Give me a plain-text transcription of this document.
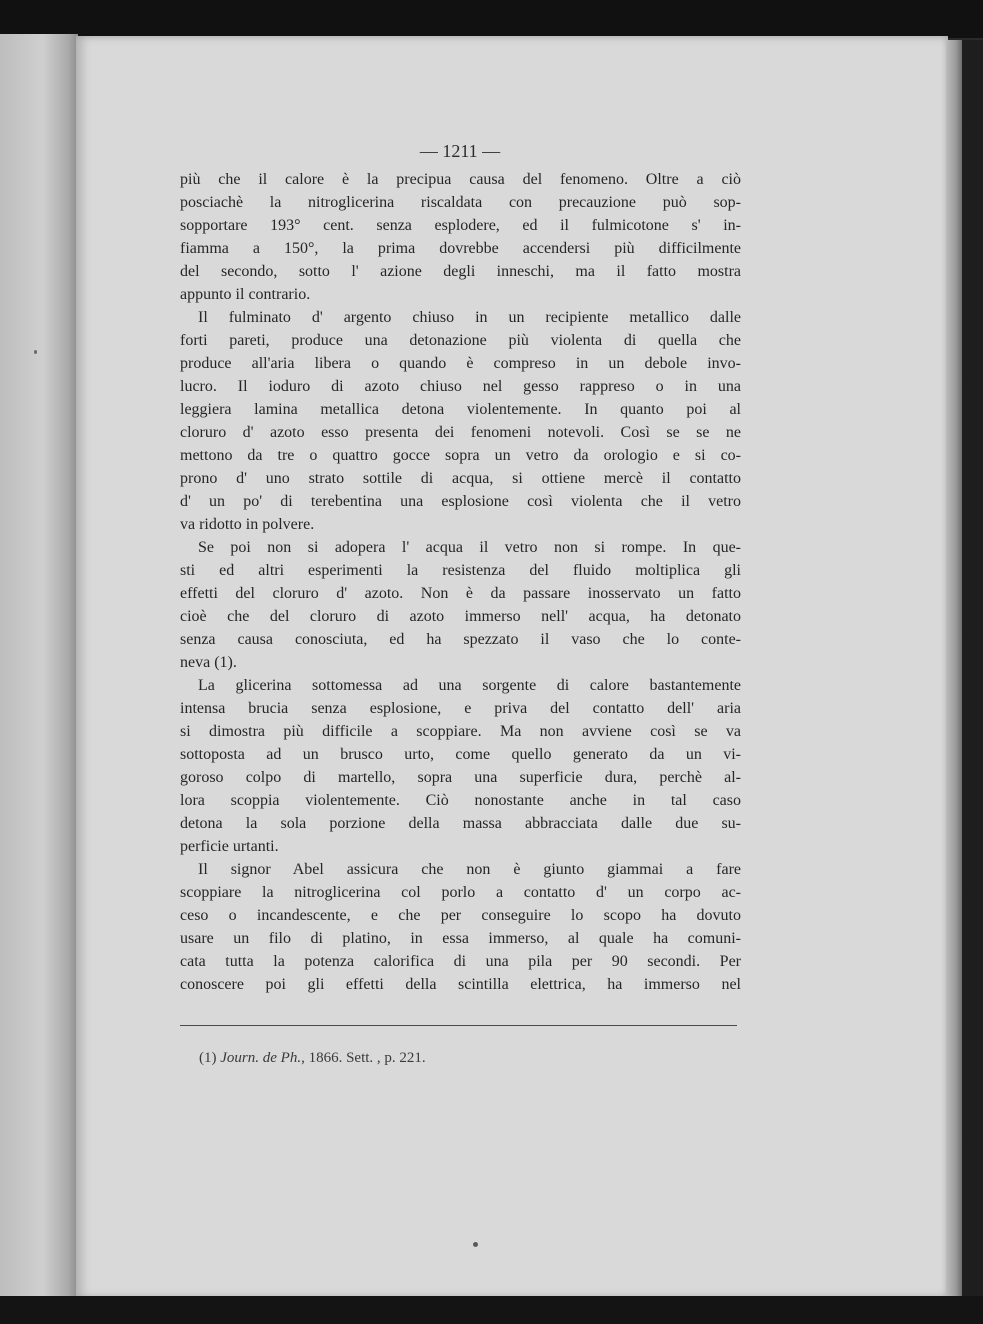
— 1211 —
più che il calore è la precipua causa del fenomeno. Oltre a ciò
posciachè la nitroglicerina riscaldata con precauzione può sop-
sopportare 193° cent. senza esplodere, ed il fulmicotone s' in-
fiamma a 150°, la prima dovrebbe accendersi più difficilmente
del secondo, sotto l' azione degli inneschi, ma il fatto mostra
appunto il contrario.
Il fulminato d' argento chiuso in un recipiente metallico dalle
forti pareti, produce una detonazione più violenta di quella che
produce all'aria libera o quando è compreso in un debole invo-
lucro. Il ioduro di azoto chiuso nel gesso rappreso o in una
leggiera lamina metallica detona violentemente. In quanto poi al
cloruro d' azoto esso presenta dei fenomeni notevoli. Così se se ne
mettono da tre o quattro gocce sopra un vetro da orologio e si co-
prono d' uno strato sottile di acqua, si ottiene mercè il contatto
d' un po' di terebentina una esplosione così violenta che il vetro
va ridotto in polvere.
Se poi non si adopera l' acqua il vetro non si rompe. In que-
sti ed altri esperimenti la resistenza del fluido moltiplica gli
effetti del cloruro d' azoto. Non è da passare inosservato un fatto
cioè che del cloruro di azoto immerso nell' acqua, ha detonato
senza causa conosciuta, ed ha spezzato il vaso che lo conte-
neva (1).
La glicerina sottomessa ad una sorgente di calore bastantemente
intensa brucia senza esplosione, e priva del contatto dell' aria
si dimostra più difficile a scoppiare. Ma non avviene così se va
sottoposta ad un brusco urto, come quello generato da un vi-
goroso colpo di martello, sopra una superficie dura, perchè al-
lora scoppia violentemente. Ciò nonostante anche in tal caso
detona la sola porzione della massa abbracciata dalle due su-
perficie urtanti.
Il signor Abel assicura che non è giunto giammai a fare
scoppiare la nitroglicerina col porlo a contatto d' un corpo ac-
ceso o incandescente, e che per conseguire lo scopo ha dovuto
usare un filo di platino, in essa immerso, al quale ha comuni-
cata tutta la potenza calorifica di una pila per 90 secondi. Per
conoscere poi gli effetti della scintilla elettrica, ha immerso nel
(1) Journ. de Ph., 1866. Sett. , p. 221.
